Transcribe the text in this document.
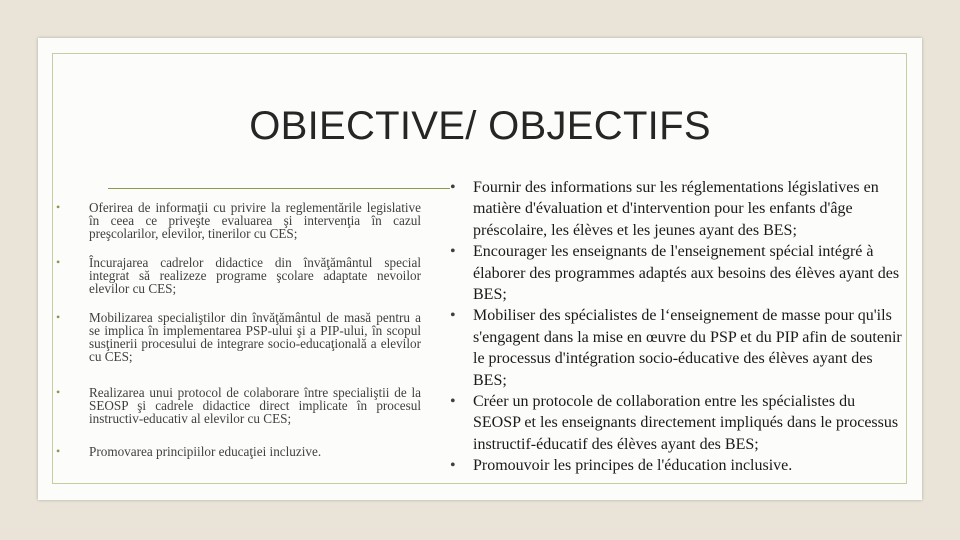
OBIECTIVE/ OBJECTIFS
• Oferirea de informaţii cu privire la reglementările legislative în ceea ce priveşte evaluarea şi intervenţia în cazul preşcolarilor, elevilor, tinerilor cu CES;
• Încurajarea cadrelor didactice din învăţământul special integrat să realizeze programe şcolare adaptate nevoilor elevilor cu CES;
• Mobilizarea specialiştilor din învăţământul de masă pentru a se implica în implementarea PSP-ului şi a PIP-ului, în scopul susţinerii procesului de integrare socio-educaţională a elevilor cu CES;
• Realizarea unui protocol de colaborare între specialiştii de la SEOSP şi cadrele didactice direct implicate în procesul instructiv-educativ al elevilor cu CES;
• Promovarea principiilor educaţiei incluzive.
• Fournir des informations sur les réglementations législatives en matière d'évaluation et d'intervention pour les enfants d'âge préscolaire, les élèves et les jeunes ayant des BES;
• Encourager les enseignants de l'enseignement spécial intégré à élaborer des programmes adaptés aux besoins des élèves ayant des BES;
• Mobiliser des spécialistes de l‘enseignement de masse pour qu'ils s'engagent dans la mise en œuvre du PSP et du PIP afin de soutenir le processus d'intégration socio-éducative des élèves ayant des BES;
• Créer un protocole de collaboration entre les spécialistes du SEOSP et les enseignants directement impliqués dans le processus instructif-éducatif des élèves ayant des BES;
• Promouvoir les principes de l'éducation inclusive.
